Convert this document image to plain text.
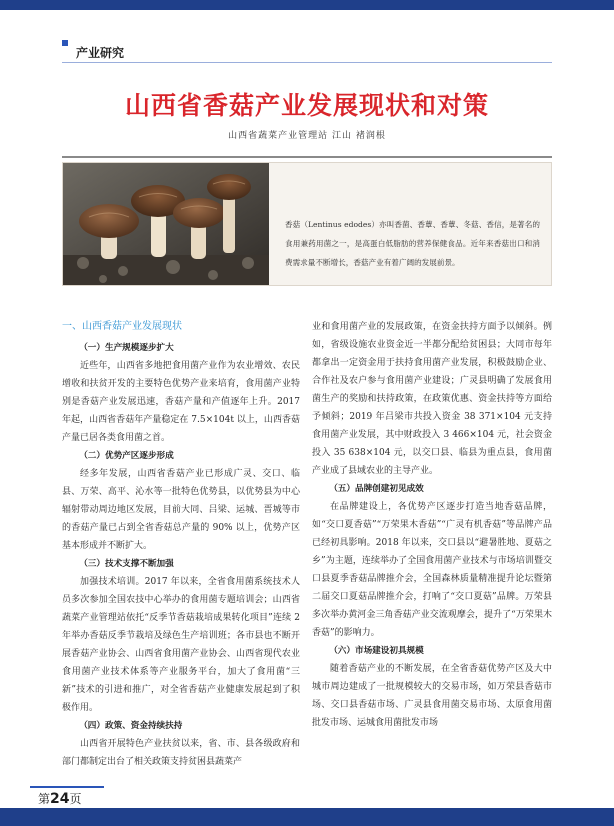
产业研究
山西省香菇产业发展现状和对策
山西省蔬菜产业管理站 江山 褚润根

香菇（Lentinus edodes）亦叫香菌、香蕈、香蕈、冬菇、香信，是著名的食用兼药用菌之一，是高蛋白低脂肪的营养保健食品。近年来香菇出口和消费需求量不断增长，香菇产业有着广阔的发展前景。

一、山西香菇产业发展现状
（一）生产规模逐步扩大

近些年，山西省多地把食用菌产业作为农业增效、农民增收和扶贫开发的主要特色优势产业来培育，食用菌产业特别是香菇产业发展迅速，香菇产量和产值逐年上升。2017 年起，山西省香菇年产量稳定在 7.5×104t 以上，山西香菇产量已居各类食用菌之首。

（二）优势产区逐步形成

经多年发展，山西省香菇产业已形成广灵、交口、临县、万荣、高平、沁水等一批特色优势县，以优势县为中心辐射带动周边地区发展，目前大同、吕梁、运城、晋城等市的香菇产量已占到全省香菇总产量的 90% 以上，优势产区基本形成并不断扩大。

（三）技术支撑不断加强

加强技术培训。2017 年以来，全省食用菌系统技术人员多次参加全国农技中心举办的食用菌专题培训会；山西省蔬菜产业管理站依托“反季节香菇栽培成果转化项目”连续 2 年举办香菇反季节栽培及绿色生产培训班；各市县也不断开展香菇产业协会、山西省食用菌产业协会、山西省现代农业食用菌产业技术体系等产业服务平台，加大了食用菌“三新”技术的引进和推广，对全省香菇产业健康发展起到了积极作用。

（四）政策、资金持续扶持

山西省开展特色产业扶贫以来，省、市、县各级政府和部门都制定出台了相关政策支持贫困县蔬菜产

业和食用菌产业的发展政策，在资金扶持方面予以倾斜。例如，省级设施农业资金近一半都分配给贫困县；大同市每年都拿出一定资金用于扶持食用菌产业发展，积极鼓励企业、合作社及农户参与食用菌产业建设；广灵县明确了发展食用菌生产的奖励和扶持政策，在政策优惠、资金扶持等方面给予倾斜；2019 年吕梁市共投入资金 38 371×104 元支持食用菌产业发展，其中财政投入 3 466×104 元，社会资金投入 35 638×104 元，以交口县、临县为重点县，食用菌产业成了县域农业的主导产业。

（五）品牌创建初见成效

在品牌建设上，各优势产区逐步打造当地香菇品牌，如“交口夏香菇”“万荣果木香菇”“广灵有机香菇”等品牌产品已经初具影响。2018 年以来，交口县以“避暑胜地、夏菇之乡”为主题，连续举办了全国食用菌产业技术与市场培训暨交口县夏季香菇品牌推介会，全国森林质量精准提升论坛暨第二届交口夏菇品牌推介会，打响了“交口夏菇”品牌。万荣县多次举办黄河金三角香菇产业交流观摩会，提升了“万荣果木香菇”的影响力。

（六）市场建设初具规模

随着香菇产业的不断发展，在全省香菇优势产区及大中城市周边建成了一批规模较大的交易市场，如万荣县香菇市场、交口县香菇市场、广灵县食用菌交易市场、太原食用菌批发市场、运城食用菌批发市场

第24页
